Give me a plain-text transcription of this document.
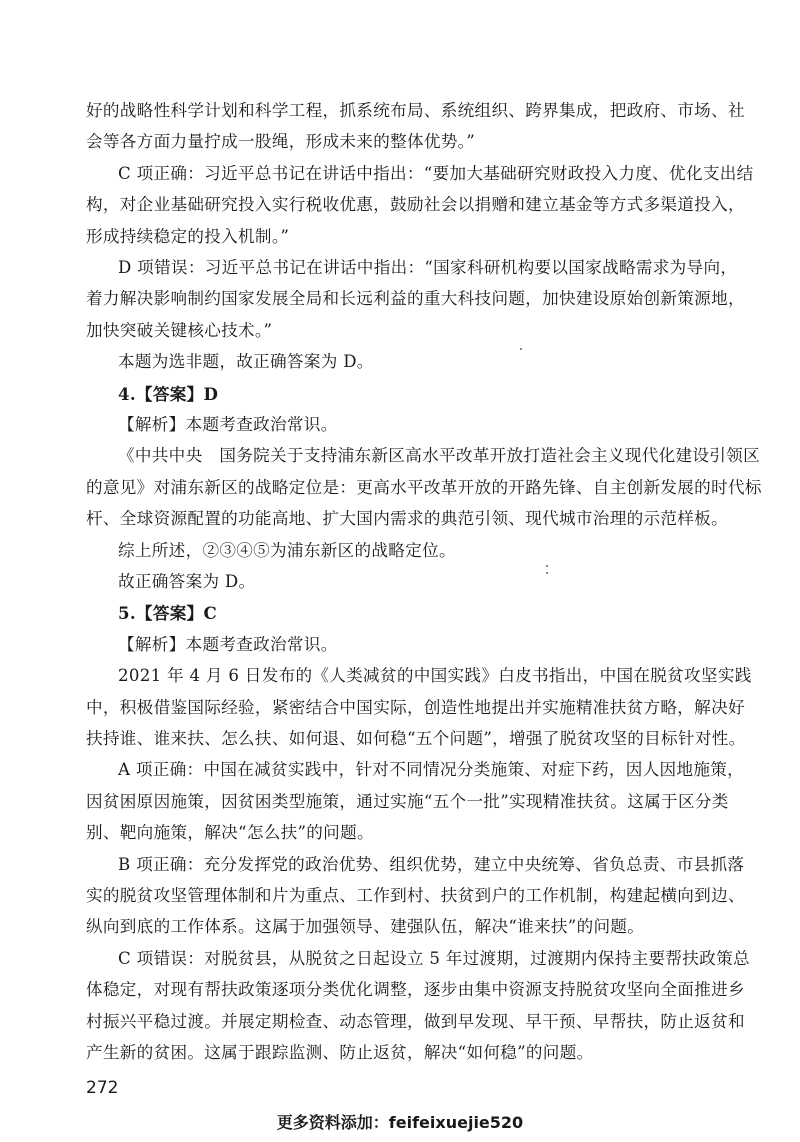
好的战略性科学计划和科学工程，抓系统布局、系统组织、跨界集成，把政府、市场、社
会等各方面力量拧成一股绳，形成未来的整体优势。”
C 项正确：习近平总书记在讲话中指出：“要加大基础研究财政投入力度、优化支出结
构，对企业基础研究投入实行税收优惠，鼓励社会以捐赠和建立基金等方式多渠道投入，
形成持续稳定的投入机制。”
D 项错误：习近平总书记在讲话中指出：“国家科研机构要以国家战略需求为导向，
着力解决影响制约国家发展全局和长远利益的重大科技问题，加快建设原始创新策源地，
加快突破关键核心技术。”
本题为选非题，故正确答案为 D。
4.【答案】D
【解析】本题考查政治常识。
《中共中央　国务院关于支持浦东新区高水平改革开放打造社会主义现代化建设引领区
的意见》对浦东新区的战略定位是：更高水平改革开放的开路先锋、自主创新发展的时代标
杆、全球资源配置的功能高地、扩大国内需求的典范引领、现代城市治理的示范样板。
综上所述，②③④⑤为浦东新区的战略定位。
故正确答案为 D。
5.【答案】C
【解析】本题考查政治常识。
2021 年 4 月 6 日发布的《人类减贫的中国实践》白皮书指出，中国在脱贫攻坚实践
中，积极借鉴国际经验，紧密结合中国实际，创造性地提出并实施精准扶贫方略，解决好
扶持谁、谁来扶、怎么扶、如何退、如何稳“五个问题”，增强了脱贫攻坚的目标针对性。
A 项正确：中国在减贫实践中，针对不同情况分类施策、对症下药，因人因地施策，
因贫困原因施策，因贫困类型施策，通过实施“五个一批”实现精准扶贫。这属于区分类
别、靶向施策，解决“怎么扶”的问题。
B 项正确：充分发挥党的政治优势、组织优势，建立中央统筹、省负总责、市县抓落
实的脱贫攻坚管理体制和片为重点、工作到村、扶贫到户的工作机制，构建起横向到边、
纵向到底的工作体系。这属于加强领导、建强队伍，解决“谁来扶”的问题。
C 项错误：对脱贫县，从脱贫之日起设立 5 年过渡期，过渡期内保持主要帮扶政策总
体稳定，对现有帮扶政策逐项分类优化调整，逐步由集中资源支持脱贫攻坚向全面推进乡
村振兴平稳过渡。并展定期检查、动态管理，做到早发现、早干预、早帮扶，防止返贫和
产生新的贫困。这属于跟踪监测、防止返贫，解决“如何稳”的问题。
272
更多资料添加：feifeixuejie520
